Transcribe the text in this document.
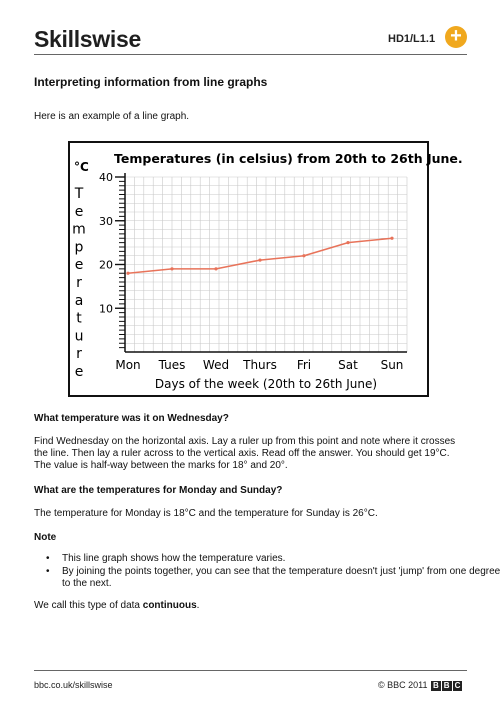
Skillswise	HD1/L1.1 +
Interpreting information from line graphs

Here is an example of a line graph.

10
20
30
40
°C
T
e
m
p
e
r
a
t
u
r
e
Temperatures (in celsius) from 20th to 26th June.
Mon Tues Wed Thurs Fri Sat Sun
Days of the week (20th to 26th June)
What temperature was it on Wednesday?

Find Wednesday on the horizontal axis. Lay a ruler up from this point and note where it crosses the line. Then lay a ruler across to the vertical axis. Read off the answer. You should get 19°C. The value is half-way between the marks for 18° and 20°.

What are the temperatures for Monday and Sunday?

The temperature for Monday is 18°C and the temperature for Sunday is 26°C.

Note
• This line graph shows how the temperature varies.
• By joining the points together, you can see that the temperature doesn't just 'jump' from one degree to the next.

We call this type of data continuous.

bbc.co.uk/skillswise	© BBC 2011 B B C
